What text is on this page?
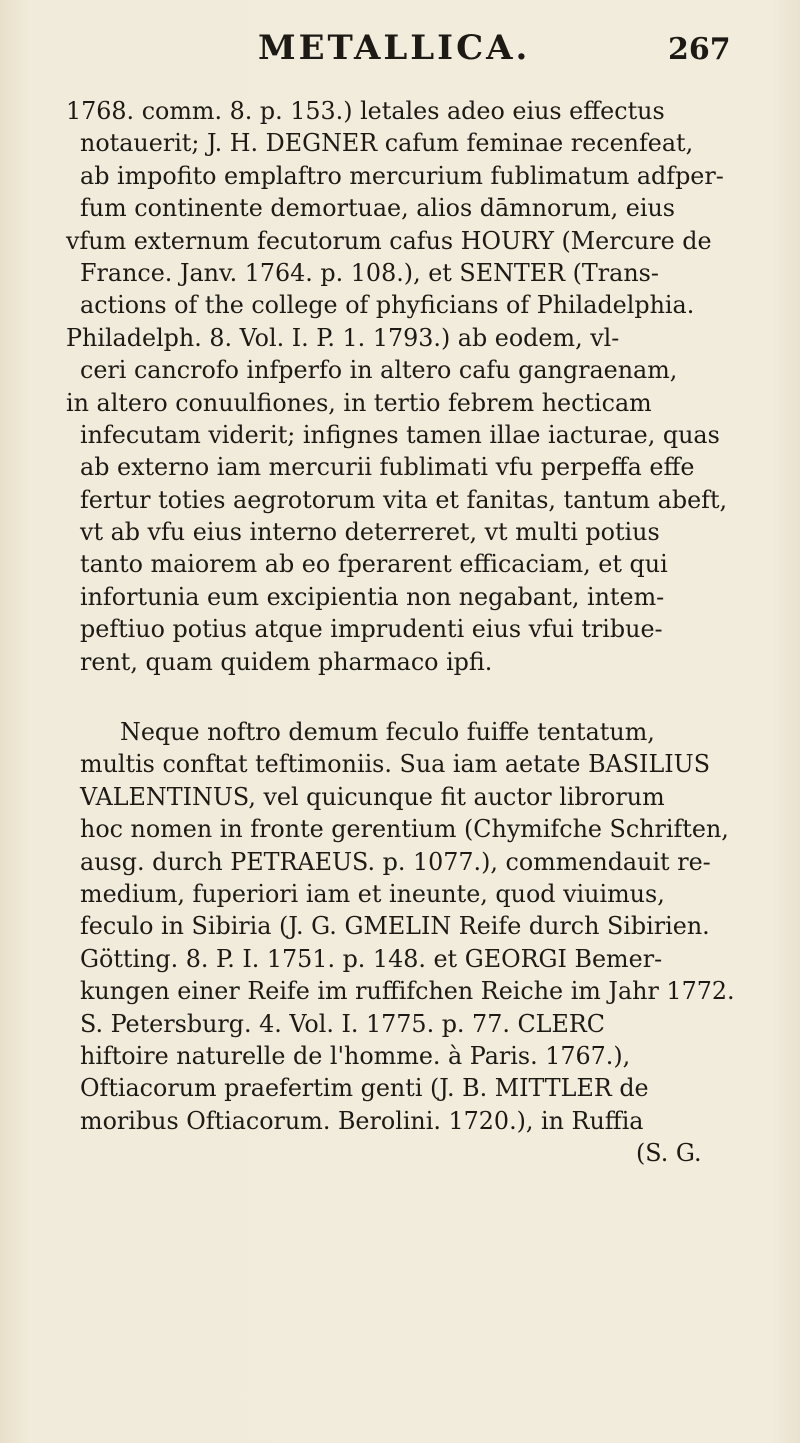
METALLICA.	267
1768. comm. 8. p. 153.) letales adeo eius effectus
notauerit; J. H. DEGNER cafum feminae recenfeat,
ab impofito emplaftro mercurium fublimatum adfper-
fum continente demortuae, alios dāmnorum, eius
vfum externum fecutorum cafus HOURY (Mercure de
France. Janv. 1764. p. 108.), et SENTER (Trans-
actions of the college of phyficians of Philadelphia.
Philadelph. 8. Vol. I. P. 1. 1793.) ab eodem, vl-
ceri cancrofo infperfo in altero cafu gangraenam,
in altero conuulfiones, in tertio febrem hecticam
infecutam viderit; infignes tamen illae iacturae, quas
ab externo iam mercurii fublimati vfu perpeffa effe
fertur toties aegrotorum vita et fanitas, tantum abeft,
vt ab vfu eius interno deterreret, vt multi potius
tanto maiorem ab eo fperarent efficaciam, et qui
infortunia eum excipientia non negabant, intem-
peftiuo potius atque imprudenti eius vfui tribue-
rent, quam quidem pharmaco ipfi.
Neque noftro demum feculo fuiffe tentatum,
multis conftat teftimoniis. Sua iam aetate BASILIUS
VALENTINUS, vel quicunque fit auctor librorum
hoc nomen in fronte gerentium (Chymifche Schriften,
ausg. durch PETRAEUS. p. 1077.), commendauit re-
medium, fuperiori iam et ineunte, quod viuimus,
feculo in Sibiria (J. G. GMELIN Reife durch Sibirien.
Götting. 8. P. I. 1751. p. 148. et GEORGI Bemer-
kungen einer Reife im ruffifchen Reiche im Jahr 1772.
S. Petersburg. 4. Vol. I. 1775. p. 77. CLERC
hiftoire naturelle de l'homme. à Paris. 1767.),
Oftiacorum praefertim genti (J. B. MITTLER de
moribus Oftiacorum. Berolini. 1720.), in Ruffia
(S. G.
